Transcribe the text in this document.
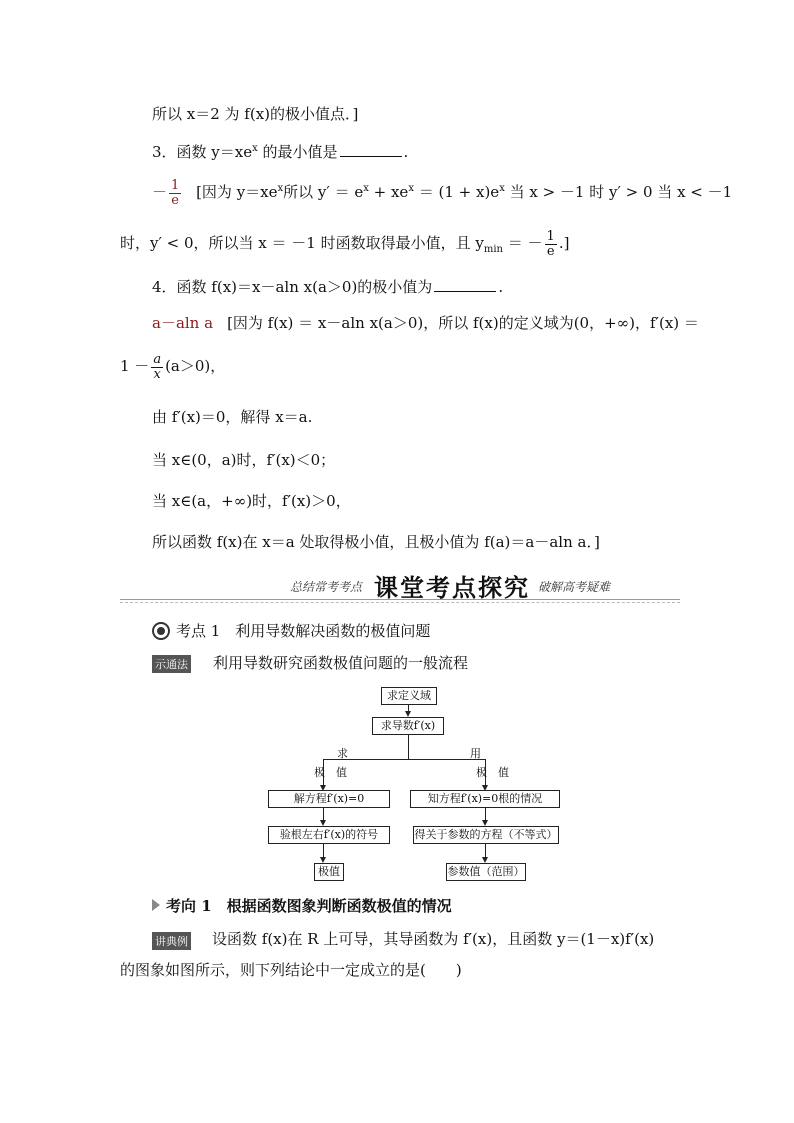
所以 x＝2 为 f(x)的极小值点．]
3．函数 $y=xe^x$ 的最小值是	.
－ $\frac{1}{e}$ [因为 $y=xe^x$所以 $y' = e^x + xe^x = (1 + x)e^x$ 当 x > －1 时 y′ > 0 当 x < －1
时，y′ < 0，所以当 x ＝ －1 时函数取得最小值，且 $y_{min}$ ＝ － $\frac{1}{e}$ .]
4．函数 f(x)＝x－aln x(a＞0)的极小值为	.
a－aln a [因为 f(x) ＝ x－aln x(a＞0)，所以 f(x)的定义域为(0，+∞)，f′(x) ＝
$1 - \frac{a}{x} (a>0)$，
由 f′(x)＝0，解得 x＝a.
当 x∈(0，a)时，f′(x)＜0；
当 x∈(a，+∞)时，f′(x)＞0，
所以函数 f(x)在 x＝a 处取得极小值，且极小值为 f(a)＝a－aln a．]
总结常考考点 课堂考点探究 破解高考疑难
考点 1　利用导数解决函数的极值问题
示通法 利用导数研究函数极值问题的一般流程
求定义域
求导数f′(x)
求
极　值
用
极　值
解方程f′(x)=0
验根左右f′(x)的符号
极值
知方程f′(x)=0根的情况
得关于参数的方程（不等式）
参数值（范围）
考向 1　根据函数图象判断函数极值的情况
讲典例 设函数 f(x)在 R 上可导，其导函数为 f′(x)，且函数 y＝(1－x)f′(x)
的图象如图所示，则下列结论中一定成立的是(　　)
